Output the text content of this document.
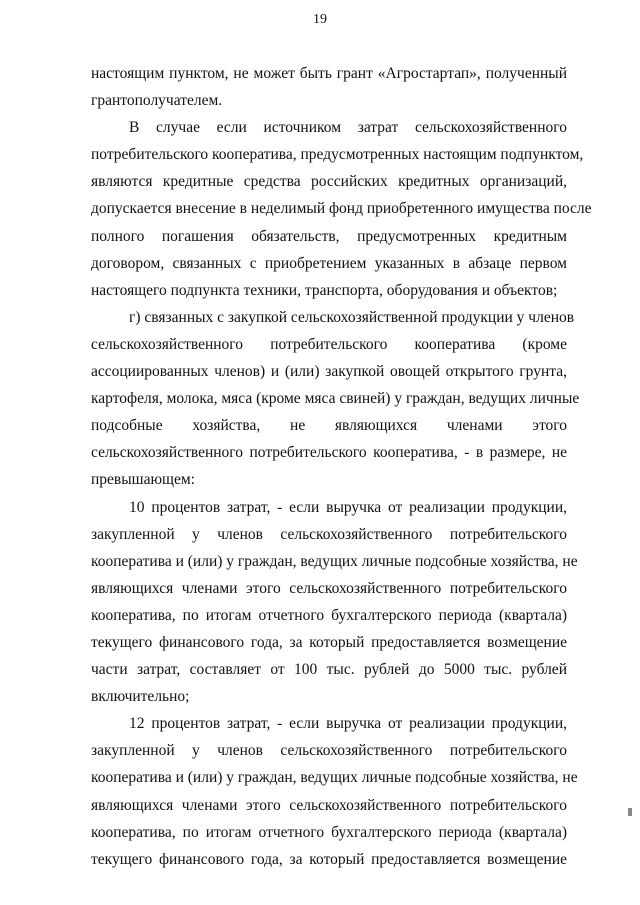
19

настоящим пунктом, не может быть грант «Агростартап», полученный
грантополучателем.

В случае если источником затрат сельскохозяйственного
потребительского кооператива, предусмотренных настоящим подпунктом,
являются кредитные средства российских кредитных организаций,
допускается внесение в неделимый фонд приобретенного имущества после
полного погашения обязательств, предусмотренных кредитным
договором, связанных с приобретением указанных в абзаце первом
настоящего подпункта техники, транспорта, оборудования и объектов;

г) связанных с закупкой сельскохозяйственной продукции у членов
сельскохозяйственного потребительского кооператива (кроме
ассоциированных членов) и (или) закупкой овощей открытого грунта,
картофеля, молока, мяса (кроме мяса свиней) у граждан, ведущих личные
подсобные хозяйства, не являющихся членами этого
сельскохозяйственного потребительского кооператива, - в размере, не
превышающем:

10 процентов затрат, - если выручка от реализации продукции,
закупленной у членов сельскохозяйственного потребительского
кооператива и (или) у граждан, ведущих личные подсобные хозяйства, не
являющихся членами этого сельскохозяйственного потребительского
кооператива, по итогам отчетного бухгалтерского периода (квартала)
текущего финансового года, за который предоставляется возмещение
части затрат, составляет от 100 тыс. рублей до 5000 тыс. рублей
включительно;

12 процентов затрат, - если выручка от реализации продукции,
закупленной у членов сельскохозяйственного потребительского
кооператива и (или) у граждан, ведущих личные подсобные хозяйства, не
являющихся членами этого сельскохозяйственного потребительского
кооператива, по итогам отчетного бухгалтерского периода (квартала)
текущего финансового года, за который предоставляется возмещение
